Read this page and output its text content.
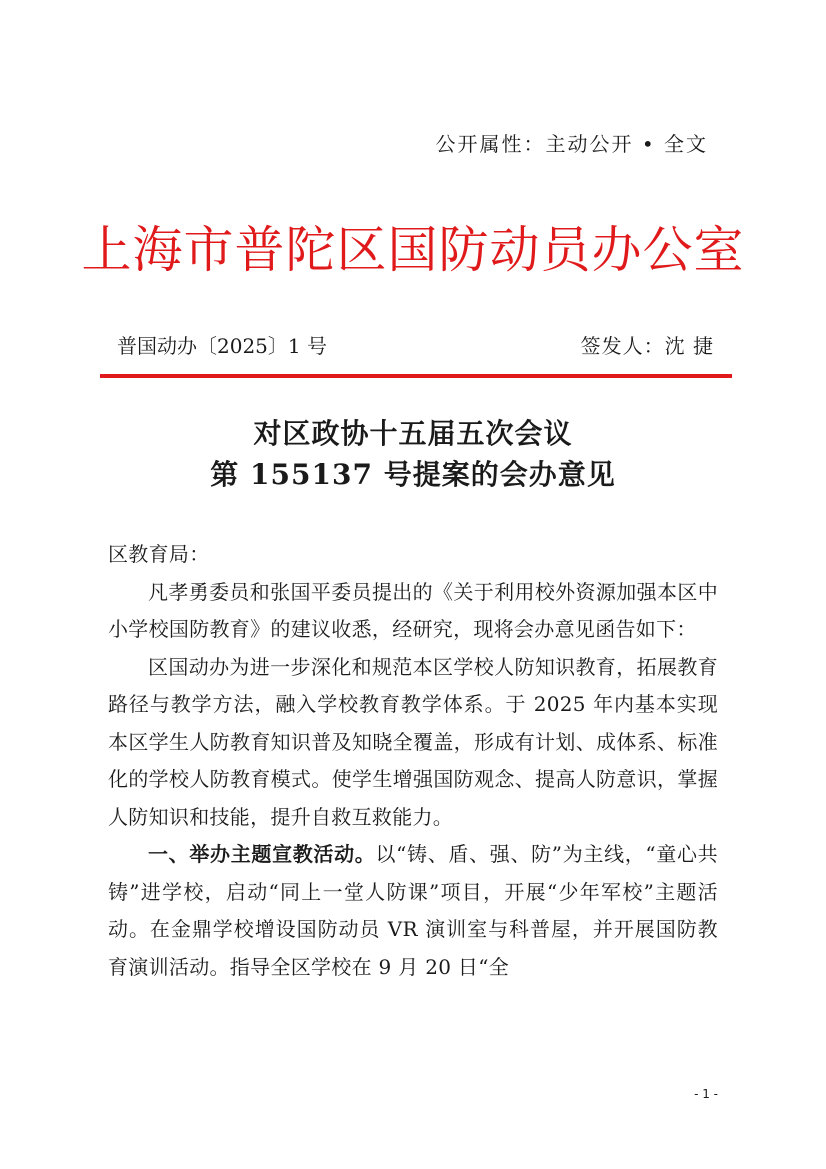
公开属性：主动公开 • 全文
上海市普陀区国防动员办公室
普国动办〔2025〕1 号	签发人：沈 捷
对区政协十五届五次会议
第 155137 号提案的会办意见

区教育局：

凡孝勇委员和张国平委员提出的《关于利用校外资源加强本区中小学校国防教育》的建议收悉，经研究，现将会办意见函告如下：

区国动办为进一步深化和规范本区学校人防知识教育，拓展教育路径与教学方法，融入学校教育教学体系。于 2025 年内基本实现本区学生人防教育知识普及知晓全覆盖，形成有计划、成体系、标准化的学校人防教育模式。使学生增强国防观念、提高人防意识，掌握人防知识和技能，提升自救互救能力。

一、举办主题宣教活动。以“铸、盾、强、防”为主线，“童心共铸”进学校，启动“同上一堂人防课”项目，开展“少年军校”主题活动。在金鼎学校增设国防动员 VR 演训室与科普屋，并开展国防教育演训活动。指导全区学校在 9 月 20 日“全

- 1 -
